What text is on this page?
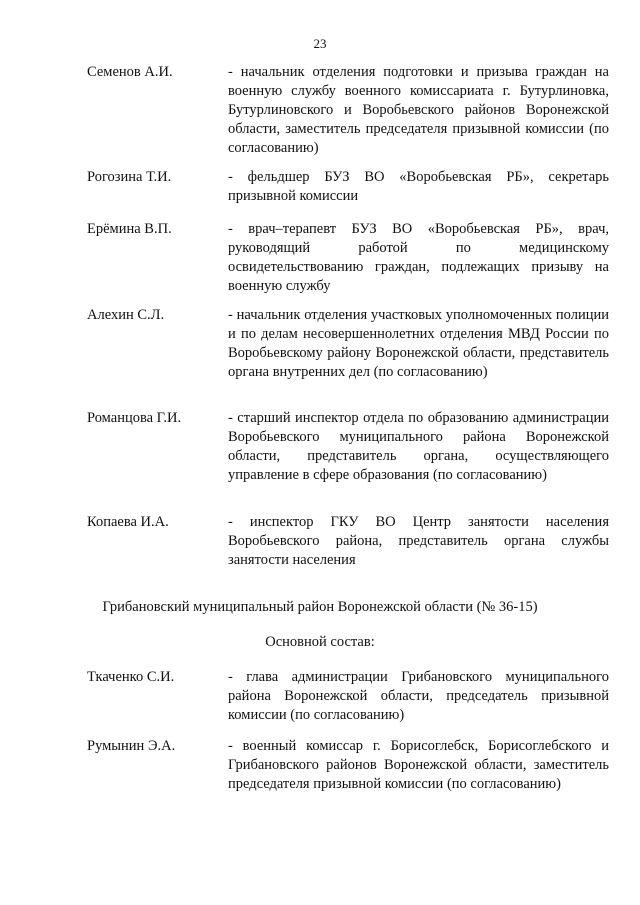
23
Семенов А.И.	- начальник отделения подготовки и призыва граждан на военную службу военного комиссариата г. Бутурлиновка, Бутурлиновского и Воробьевского районов Воронежской области, заместитель председателя призывной комиссии (по согласованию)
Рогозина Т.И.	- фельдшер БУЗ ВО «Воробьевская РБ», секретарь призывной комиссии
Ерёмина В.П.	- врач–терапевт БУЗ ВО «Воробьевская РБ», врач, руководящий работой по медицинскому освидетельствованию граждан, подлежащих призыву на военную службу
Алехин С.Л.	- начальник отделения участковых уполномоченных полиции и по делам несовершеннолетних отделения МВД России по Воробьевскому району Воронежской области, представитель органа внутренних дел (по согласованию)
Романцова Г.И.	- старший инспектор отдела по образованию администрации Воробьевского муниципального района Воронежской области, представитель органа, осуществляющего управление в сфере образования (по согласованию)
Копаева И.А.	- инспектор ГКУ ВО Центр занятости населения Воробьевского района, представитель органа службы занятости населения
Грибановский муниципальный район Воронежской области (№ 36-15)
Основной состав:
Ткаченко С.И.	- глава администрации Грибановского муниципального района Воронежской области, председатель призывной комиссии (по согласованию)
Румынин Э.А.	- военный комиссар г. Борисоглебск, Борисоглебского и Грибановского районов Воронежской области, заместитель председателя призывной комиссии (по согласованию)
